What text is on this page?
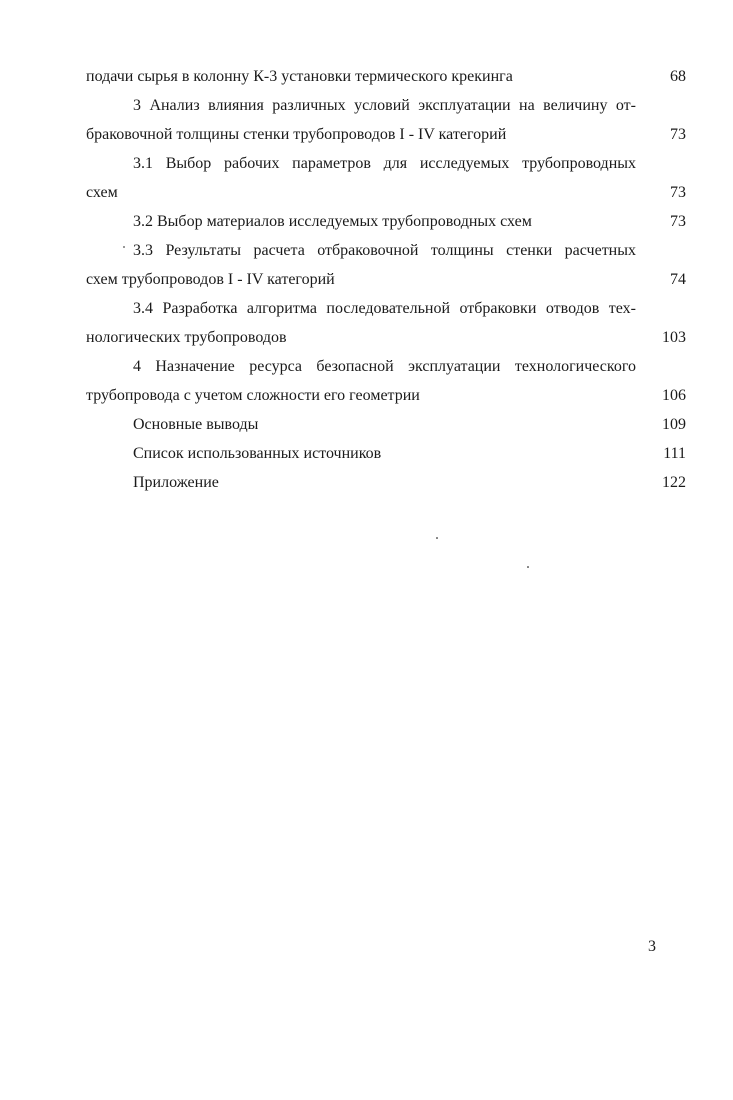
подачи сырья в колонну К-3 установки термического крекинга	68
3 Анализ влияния различных условий эксплуатации на величину от-
браковочной толщины стенки трубопроводов I - IV категорий	73
3.1 Выбор рабочих параметров для исследуемых трубопроводных
схем	73
3.2 Выбор материалов исследуемых трубопроводных схем	73
3.3 Результаты расчета отбраковочной толщины стенки расчетных
схем трубопроводов I - IV категорий	74
3.4 Разработка алгоритма последовательной отбраковки отводов тех-
нологических трубопроводов	103
4 Назначение ресурса безопасной эксплуатации технологического
трубопровода с учетом сложности его геометрии	106
Основные выводы	109
Список использованных источников	111
Приложение	122
3
